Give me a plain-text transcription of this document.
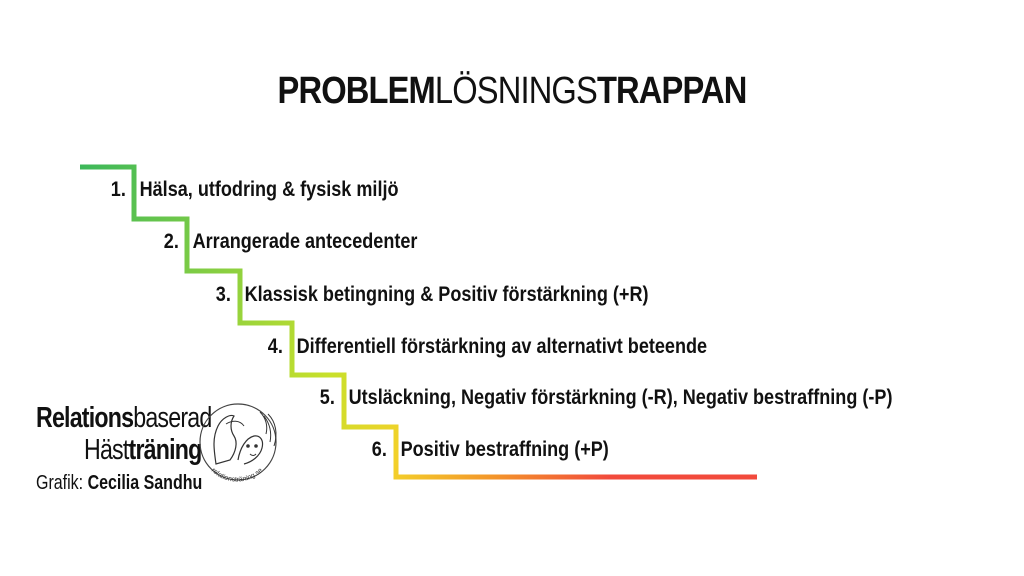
PROBLEMLÖSNINGSTRAPPAN
1. Hälsa, utfodring & fysisk miljö
2. Arrangerade antecedenter
3. Klassisk betingning & Positiv förstärkning (+R)
4. Differentiell förstärkning av alternativt beteende
5. Utsläckning, Negativ förstärkning (-R), Negativ bestraffning (-P)
6. Positiv bestraffning (+P)
Relationsbaserad
Hästträning
Grafik: Cecilia Sandhu
relationsträning.se
